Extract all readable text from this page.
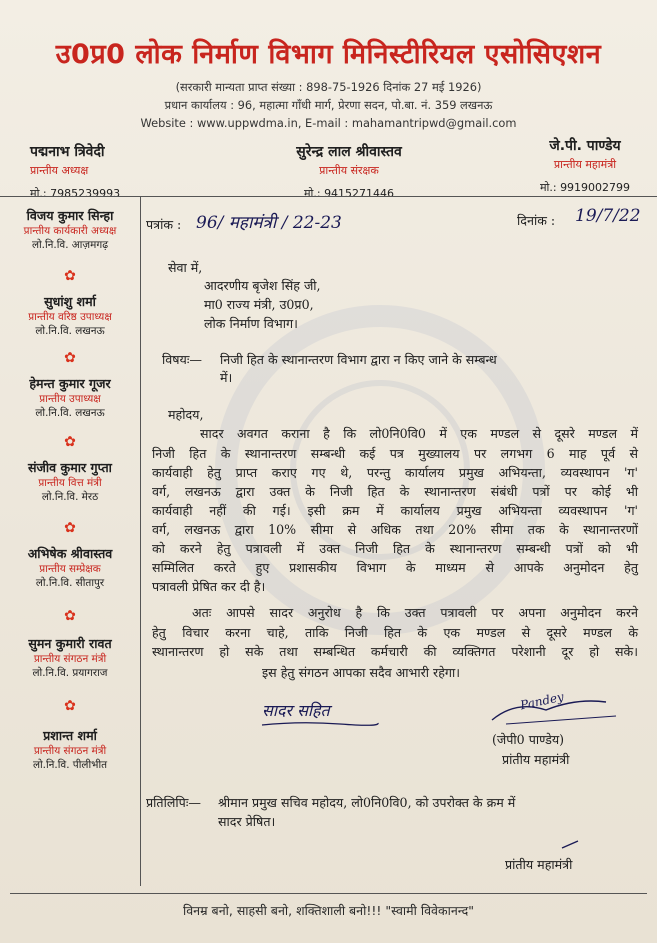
उ0प्र0 लोक निर्माण विभाग मिनिस्टीरियल एसोसिएशन
(सरकारी मान्यता प्राप्त संख्या : 898-75-1926 दिनांक 27 मई 1926)
प्रधान कार्यालय : 96, महात्मा गाँधी मार्ग, प्रेरणा सदन, पो.बा. नं. 359 लखनऊ
Website : www.uppwdma.in, E-mail : mahamantripwd@gmail.com
पद्मनाभ त्रिवेदी
प्रान्तीय अध्यक्ष
मो.: 7985239993
सुरेन्द्र लाल श्रीवास्तव
प्रान्तीय संरक्षक
मो.: 9415271446
जे.पी. पाण्डेय
प्रान्तीय महामंत्री
मो.: 9919002799
विजय कुमार सिन्हा
प्रान्तीय कार्यकारी अध्यक्ष
लो.नि.वि. आज़मगढ़
✿
सुधांशु शर्मा
प्रान्तीय वरिष्ठ उपाध्यक्ष
लो.नि.वि. लखनऊ
✿
हेमन्त कुमार गूजर
प्रान्तीय उपाध्यक्ष
लो.नि.वि. लखनऊ
✿
संजीव कुमार गुप्ता
प्रान्तीय वित्त मंत्री
लो.नि.वि. मेरठ
✿
अभिषेक श्रीवास्तव
प्रान्तीय सम्प्रेक्षक
लो.नि.वि. सीतापुर
✿
सुमन कुमारी रावत
प्रान्तीय संगठन मंत्री
लो.नि.वि. प्रयागराज
✿
प्रशान्त शर्मा
प्रान्तीय संगठन मंत्री
लो.नि.वि. पीलीभीत
पत्रांक : 96/ महामंत्री / 22-23	दिनांक : 19/7/22
सेवा में,
आदरणीय बृजेश सिंह जी,
मा0 राज्य मंत्री, उ0प्र0,
लोक निर्माण विभाग।
विषयः— निजी हित के स्थानान्तरण विभाग द्वारा न किए जाने के सम्बन्ध
में।
महोदय,
सादर अवगत कराना है कि लो0नि0वि0 में एक मण्डल से दूसरे मण्डल में
निजी हित के स्थानान्तरण सम्बन्धी कई पत्र मुख्यालय पर लगभग 6 माह पूर्व से
कार्यवाही हेतु प्राप्त कराए गए थे, परन्तु कार्यालय प्रमुख अभियन्ता, व्यवस्थापन 'ग'
वर्ग, लखनऊ द्वारा उक्त के निजी हित के स्थानान्तरण संबंधी पत्रों पर कोई भी
कार्यवाही नहीं की गई। इसी क्रम में कार्यालय प्रमुख अभियन्ता व्यवस्थापन 'ग'
वर्ग, लखनऊ द्वारा 10% सीमा से अधिक तथा 20% सीमा तक के स्थानान्तरणों
को करने हेतु पत्रावली में उक्त निजी हित के स्थानान्तरण सम्बन्धी पत्रों को भी
सम्मिलित करते हुए प्रशासकीय विभाग के माध्यम से आपके अनुमोदन हेतु
पत्रावली प्रेषित कर दी है।
अतः आपसे सादर अनुरोध है कि उक्त पत्रावली पर अपना अनुमोदन करने
हेतु विचार करना चाहे, ताकि निजी हित के एक मण्डल से दूसरे मण्डल के
स्थानान्तरण हो सके तथा सम्बन्धित कर्मचारी की व्यक्तिगत परेशानी दूर हो सके।
इस हेतु संगठन आपका सदैव आभारी रहेगा।
सादर सहित	Pandey
(जेपी0 पाण्डेय)
प्रांतीय महामंत्री
प्रतिलिपिः— श्रीमान प्रमुख सचिव महोदय, लो0नि0वि0, को उपरोक्त के क्रम में
सादर प्रेषित।
प्रांतीय महामंत्री
विनम्र बनो, साहसी बनो, शक्तिशाली बनो!!! "स्वामी विवेकानन्द"
